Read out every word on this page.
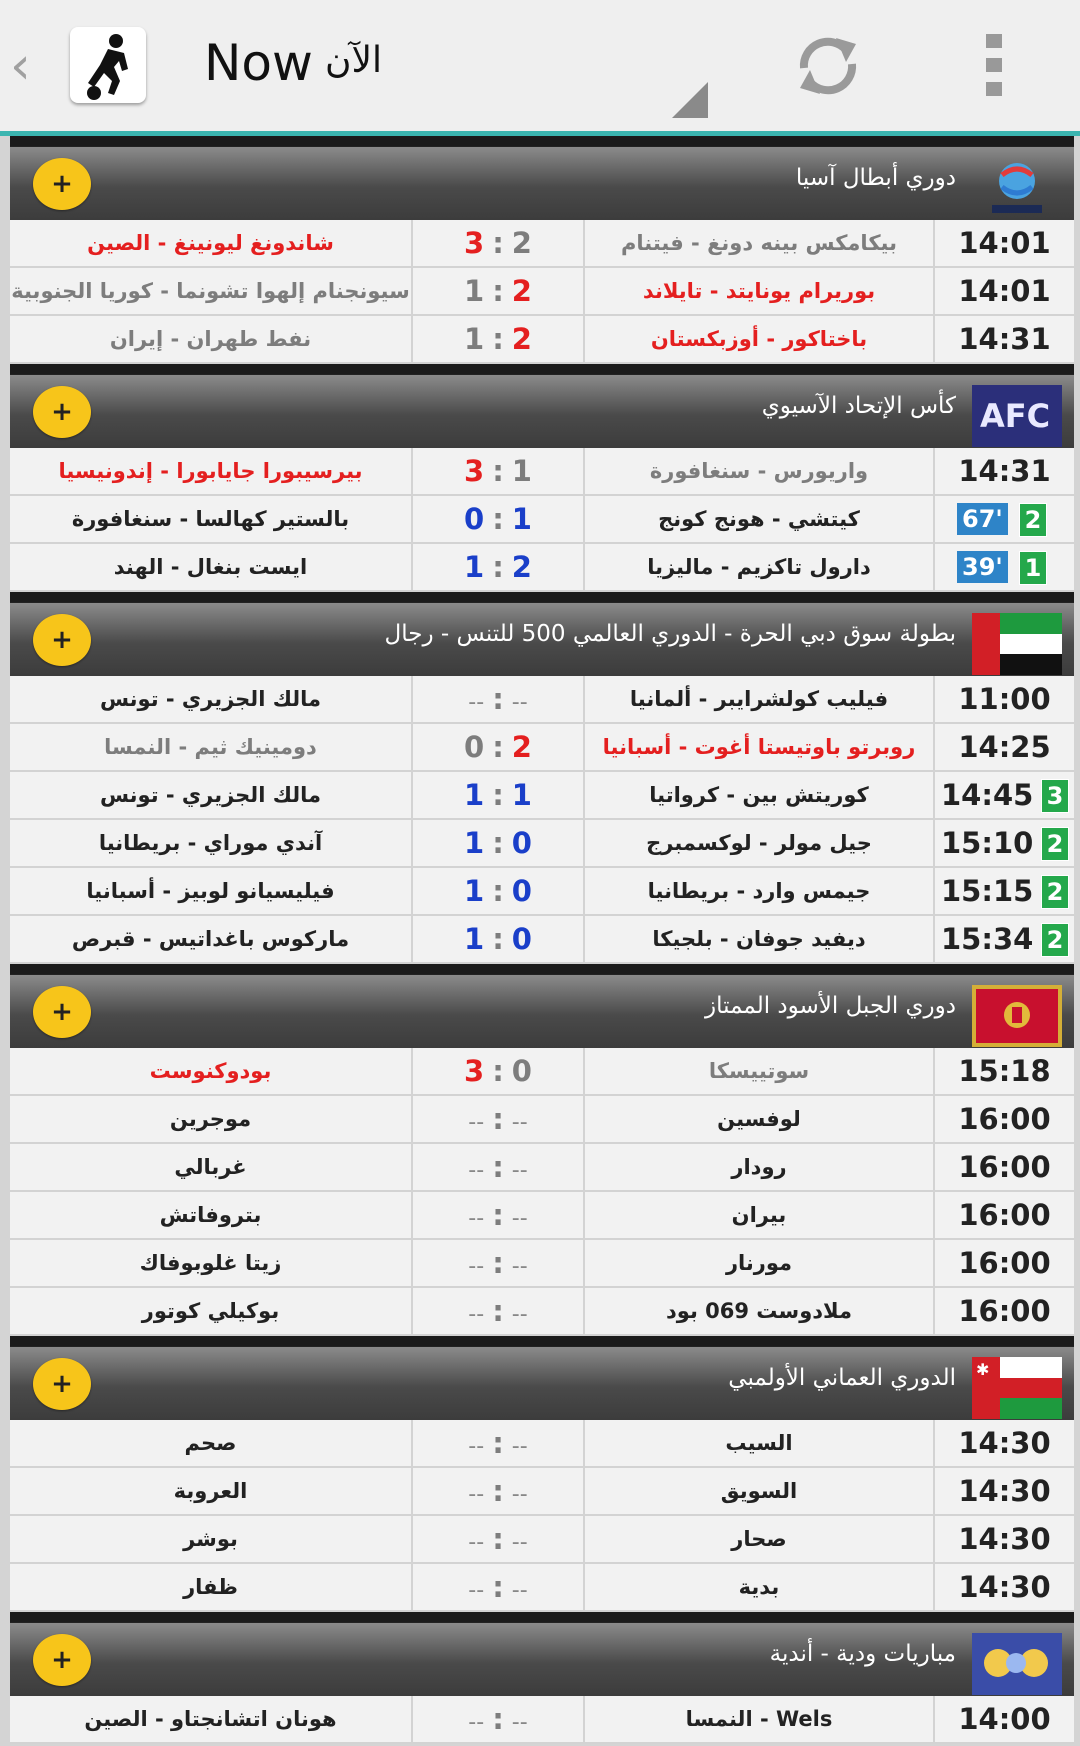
‹	Now الآن
+	دوري أبطال آسيا
شاندونغ ليونينغ - الصين	3 : 2	بيكامكس بينه دونغ - فيتنام	14:01
سيونجنام إلهوا تشونما - كوريا الجنوبية	1 : 2	بوريرام يونايتد - تايلاند	14:01
نفط طهران - إيران	1 : 2	باختاكور - أوزبكستان	14:31
+	كأس الإتحاد الآسيوي AFC
بيرسيبورا جايابورا - إندونيسيا	3 : 1	واريورس - سنغافورة	14:31
بالستير كهالسا - سنغافورة	0 : 1	كيتشي - هونج كونج	67' 2
ايست بنغال - الهند	1 : 2	دارول تاكزيم - ماليزيا	39' 1
+	بطولة سوق دبي الحرة - الدوري العالمي 500 للتنس - رجال
مالك الجزيري - تونس	-- : --	فيليب كولشرايبر - ألمانيا	11:00
دومينيك ثيم - النمسا	0 : 2	روبرتو باوتيستا أغوت - أسبانيا	14:25
مالك الجزيري - تونس	1 : 1	كوريتش بين - كرواتيا	14:45 3
آندي موراي - بريطانيا	1 : 0	جيل مولر - لوكسمبرج	15:10 2
فيليسيانو لوبيز - أسبانيا	1 : 0	جيمس وارد - بريطانيا	15:15 2
ماركوس باغداتيس - قبرص	1 : 0	ديفيد جوفان - بلجيكا	15:34 2
+	دوري الجبل الأسود الممتاز
بودوكنوست	3 : 0	سوتييسكا	15:18
موجرين	-- : --	لوفسين	16:00
غربالي	-- : --	رودار	16:00
بتروفاتش	-- : --	بيران	16:00
زيتا غلوبوفاك	-- : --	مورنار	16:00
بوكيلي كوتور	-- : --	ملادوست 069 بود	16:00
+	الدوري العماني الأولمبي ✱
صحم	-- : --	السيب	14:30
العروبة	-- : --	السويق	14:30
بوشر	-- : --	صحار	14:30
ظفار	-- : --	بدية	14:30
+	مباريات ودية - أندية
هونان اتشانجتاو - الصين	-- : --	Wels - النمسا	14:00
